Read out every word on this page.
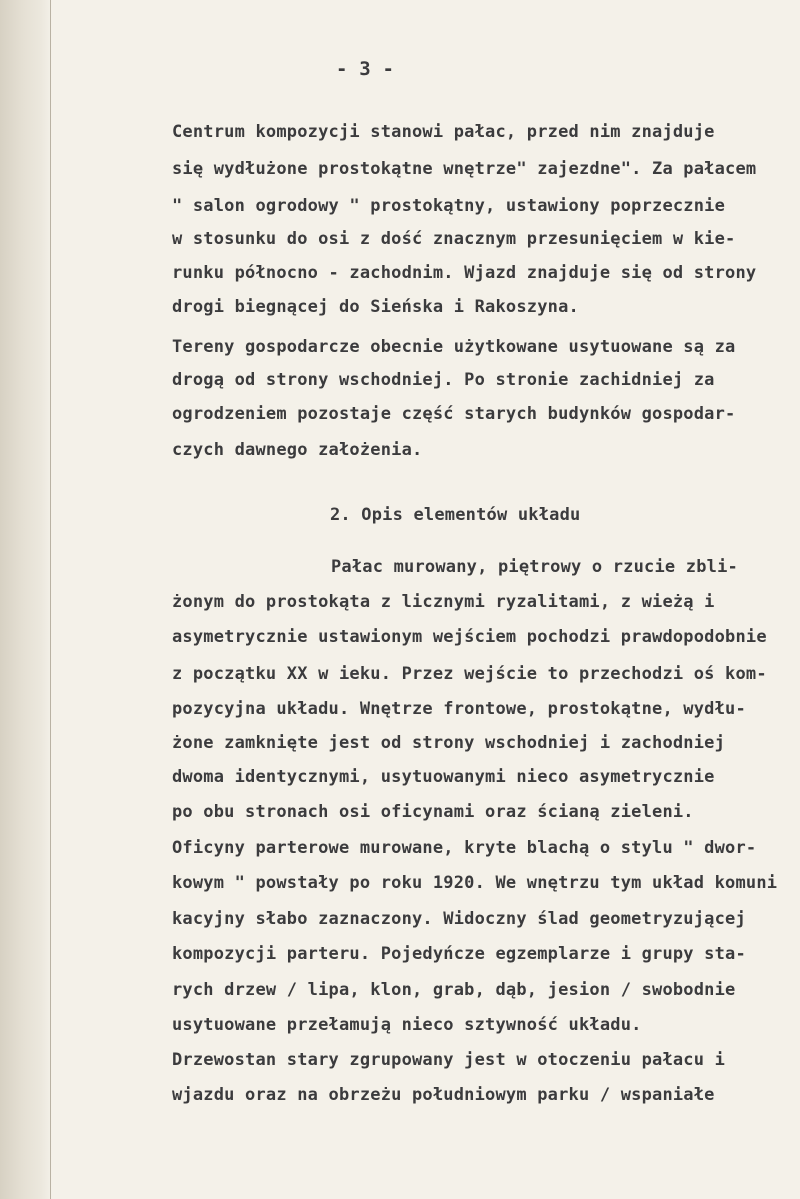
- 3 -
Centrum kompozycji stanowi pałac, przed nim znajduje
się wydłużone prostokątne wnętrze" zajezdne". Za pałacem
" salon ogrodowy " prostokątny, ustawiony poprzecznie
w stosunku do osi z dość znacznym przesunięciem w kie-
runku północno - zachodnim. Wjazd znajduje się od strony
drogi biegnącej do Sieńska i Rakoszyna.
Tereny gospodarcze obecnie użytkowane usytuowane są za
drogą od strony wschodniej. Po stronie zachidniej za
ogrodzeniem pozostaje część starych budynków gospodar-
czych dawnego założenia.
2. Opis elementów układu
Pałac murowany, piętrowy o rzucie zbli-
żonym do prostokąta z licznymi ryzalitami, z wieżą i
asymetrycznie ustawionym wejściem pochodzi prawdopodobnie
z początku XX w ieku. Przez wejście to przechodzi oś kom-
pozycyjna układu. Wnętrze frontowe, prostokątne, wydłu-
żone zamknięte jest od strony wschodniej i zachodniej
dwoma identycznymi, usytuowanymi nieco asymetrycznie
po obu stronach osi oficynami oraz ścianą zieleni.
Oficyny parterowe murowane, kryte blachą o stylu " dwor-
kowym " powstały po roku 1920. We wnętrzu tym układ komuni
kacyjny słabo zaznaczony. Widoczny ślad geometryzującej
kompozycji parteru. Pojedyńcze egzemplarze i grupy sta-
rych drzew / lipa, klon, grab, dąb, jesion / swobodnie
usytuowane przełamują nieco sztywność układu.
Drzewostan stary zgrupowany jest w otoczeniu pałacu i
wjazdu oraz na obrzeżu południowym parku / wspaniałe
